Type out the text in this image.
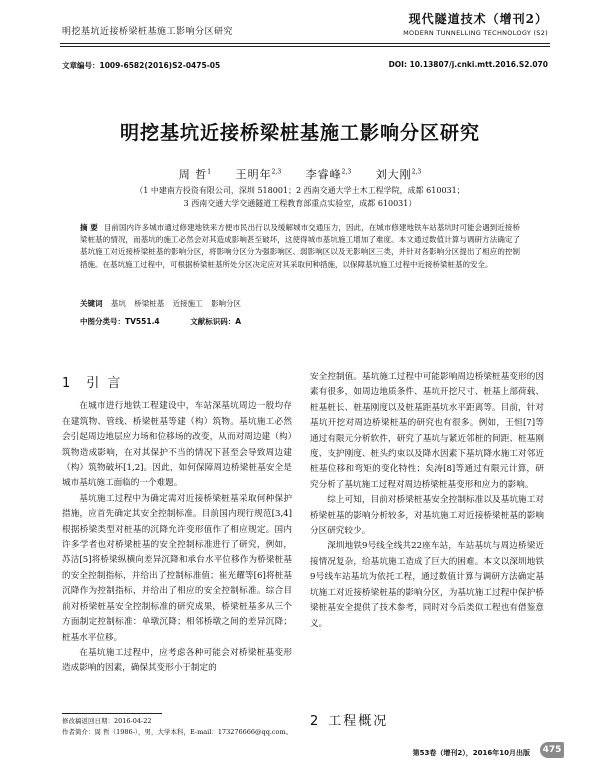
明挖基坑近接桥梁桩基施工影响分区研究
现代隧道技术（增刊2）
MODERN TUNNELLING TECHNOLOGY (S2)
文章编号：1009-6582(2016)S2-0475-05	DOI: 10.13807/j.cnki.mtt.2016.S2.070
明挖基坑近接桥梁桩基施工影响分区研究
周 哲$^1$ 王明年$^{2,3}$ 李睿峰$^{2,3}$ 刘大刚$^{2,3}$
（1 中建南方投资有限公司，深圳 518001；2 西南交通大学土木工程学院，成都 610031；
3 西南交通大学交通隧道工程教育部重点实验室，成都 610031）
摘 要 目前国内许多城市通过修建地铁来方便市民出行以及缓解城市交通压力，因此，在城市修建地铁车站基坑时可能会遇到近接桥梁桩基的情况，而基坑的施工必然会对其造成影响甚至破坏，这使得城市基坑施工增加了难度。本文通过数值计算与调研方法确定了基坑施工对近接桥梁桩基的影响分区，将影响分区分为强影响区、弱影响区以及无影响区三类，并针对各影响分区提出了相应的控制措施。在基坑施工过程中，可根据桥梁桩基所处分区决定应对其采取何种措施，以保障基坑施工过程中近接桥梁桩基的安全。
关键词 基坑 桥梁桩基 近接施工 影响分区
中图分类号：TV551.4	文献标识码：A
1 引 言

在城市进行地铁工程建设中，车站深基坑周边一般均存在建筑物、管线、桥梁桩基等建（构）筑物。基坑施工必然会引起周边地层应力场和位移场的改变，从而对周边建（构）筑物造成影响，在对其保护不当的情况下甚至会导致周边建（构）筑物破坏[1,2]。因此，如何保障周边桥梁桩基安全是城市基坑施工面临的一个难题。

基坑施工过程中为确定需对近接桥梁桩基采取何种保护措施，应首先确定其安全控制标准。目前国内现行规范[3,4]根据桥梁类型对桩基的沉降允许变形值作了相应规定。国内许多学者也对桥梁桩基的安全控制标准进行了研究，例如，苏洁[5]将桥梁纵横向差异沉降和承台水平位移作为桥梁桩基的安全控制指标，并给出了控制标准值；崔光耀等[6]将桩基沉降作为控制指标，并给出了相应的安全控制标准。综合目前对桥梁桩基安全控制标准的研究成果，桥梁桩基多从三个方面制定控制标准：单墩沉降；相邻桥墩之间的差异沉降；桩基水平位移。

在基坑施工过程中，应考虑各种可能会对桥梁桩基变形造成影响的因素，确保其变形小于制定的

安全控制值。基坑施工过程中可能影响周边桥梁桩基变形的因素有很多，如周边地质条件、基坑开挖尺寸、桩基上部荷载、桩基桩长、桩基刚度以及桩基距基坑水平距离等。目前，针对基坑开挖对周边桥梁桩基的研究也有很多。例如，王恒[7]等通过有限元分析软件，研究了基坑与紧近邻桩的间距、桩基刚度、支护刚度、桩头约束以及降水因素下基坑降水施工对邻近桩基位移和弯矩的变化特性；矣涛[8]等通过有限元计算，研究分析了基坑施工过程对周边桥梁桩基变形和应力的影响。

综上可知，目前对桥梁桩基安全控制标准以及基坑施工对桥梁桩基的影响分析较多，对基坑施工对近接桥梁桩基的影响分区研究较少。

深圳地铁9号线全线共22座车站，车站基坑与周边桥梁近接情况复杂，给基坑施工造成了巨大的困难。本文以深圳地铁9号线车站基坑为依托工程，通过数值计算与调研方法确定基坑施工对近接桥梁桩基的影响分区，为基坑施工过程中保护桥梁桩基安全提供了技术参考，同时对今后类似工程也有借鉴意义。

2 工程概况
修改稿返回日期：2016-04-22
作者简介：周 哲（1986-），男，大学本科，E-mail：173276666@qq.com。
第53卷（增刊2），2016年10月出版 475
